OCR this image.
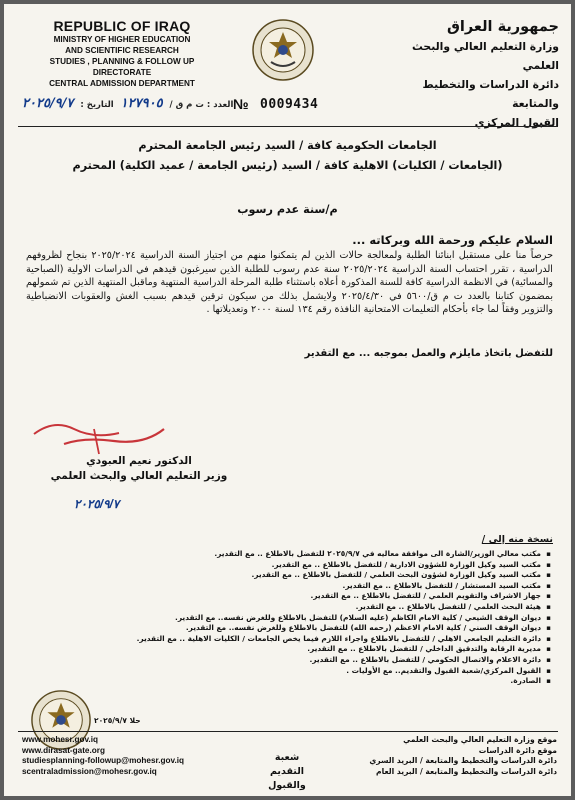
REPUBLIC OF IRAQ
MINISTRY OF HIGHER EDUCATION
AND SCIENTIFIC RESEARCH
STUDIES , PLANNING & FOLLOW UP DIRECTORATE
CENTRAL ADMISSION DEPARTMENT
جمهورية العراق
وزارة التعليم العالي والبحث العلمي
دائرة الدراسات والتخطيط والمتابعة
القبول المركزي
العدد : ت م ق / ١٢٧٩٠٥ التاريخ : ٢٠٢٥/٩/٧	№ 0009434
الجامعات الحكومية كافة / السيد رئيس الجامعة المحترم
(الجامعات / الكليات) الاهلية كافة / السيد (رئيس الجامعة / عميد الكلية) المحترم
م/سنة عدم رسوب
السلام عليكم ورحمة الله وبركاته ...

حرصاً منا على مستقبل ابنائنا الطلبة ولمعالجة حالات الذين لم يتمكنوا منهم من اجتياز السنة الدراسية ٢٠٢٥/٢٠٢٤ بنجاح لظروفهم الدراسية ، تقرر احتساب السنة الدراسية ٢٠٢٥/٢٠٢٤ سنة عدم رسوب للطلبة الذين سيرغبون قيدهم في الدراسات الاولية (الصباحية والمسائية) في الانظمة الدراسية كافة للسنة المذكورة أعلاه باستثناء طلبة المرحلة الدراسية المنتهية وماقبل المنتهية الذين تم شمولهم بمضمون كتابنا بالعدد ت م ق/٥٦٠٠ في ٢٠٢٥/٤/٣٠ ولايشمل بذلك من سيكون ترقين قيدهم بسبب الغش والعقوبات الانضباطية والتزوير وفقاً لما جاء بأحكام التعليمات الامتحانية النافذة رقم ١٣٤ لسنة ٢٠٠٠ وتعديلاتها .

للتفضل باتخاذ مايلزم والعمل بموجبه ... مع التقدير
الدكتور نعيم العبودي
وزير التعليم العالي والبحث العلمي
٢٠٢٥/٩/٧
نسخة منه إلى /
▪ مكتب معالي الوزير/الشارة الى موافقة معاليه في ٢٠٢٥/٩/٧ للتفضل بالاطلاع .. مع التقدير.
▪ مكتب السيد وكيل الوزارة للشؤون الادارية / للتفضل بالاطلاع .. مع التقدير.
▪ مكتب السيد وكيل الوزارة لشؤون البحث العلمي / للتفضل بالاطلاع .. مع التقدير.
▪ مكتب السيد المستشار / للتفضل بالاطلاع .. مع التقدير.
▪ جهاز الاشراف والتقويم العلمي / للتفضل بالاطلاع .. مع التقدير.
▪ هيئة البحث العلمي / للتفضل بالاطلاع .. مع التقدير.
▪ ديوان الوقف الشيعي / كلية الامام الكاظم (عليه السلام) للتفضل بالاطلاع وللغرض نفسه.. مع التقدير.
▪ ديوان الوقف السني / كلية الامام الاعظم (رحمه الله) للتفضل بالاطلاع وللغرض نفسه.. مع التقدير.
▪ دائرة التعليم الجامعي الاهلي / للتفضل بالاطلاع واجراء اللازم فيما يخص الجامعات / الكليات الاهلية .. مع التقدير.
▪ مديرية الرقابة والتدقيق الداخلي / للتفضل بالاطلاع .. مع التقدير.
▪ دائرة الاعلام والاتصال الحكومي / للتفضل بالاطلاع .. مع التقدير.
▪ القبول المركزي/شعبة القبول والتقديم.. مع الأوليات .
▪ الصادرة.
حلا ٢٠٢٥/٩/٧
www.mohesr.gov.iq
www.dirasat-gate.org
studiesplanning-followup@mohesr.gov.iq
scentraladmission@mohesr.gov.iq
شعبة
التقديم والقبول
موقع وزارة التعليم العالي والبحث العلمي
موقع دائرة الدراسات
دائرة الدراسات والتخطيط والمتابعة / البريد السري
دائرة الدراسات والتخطيط والمتابعة / البريد العام
